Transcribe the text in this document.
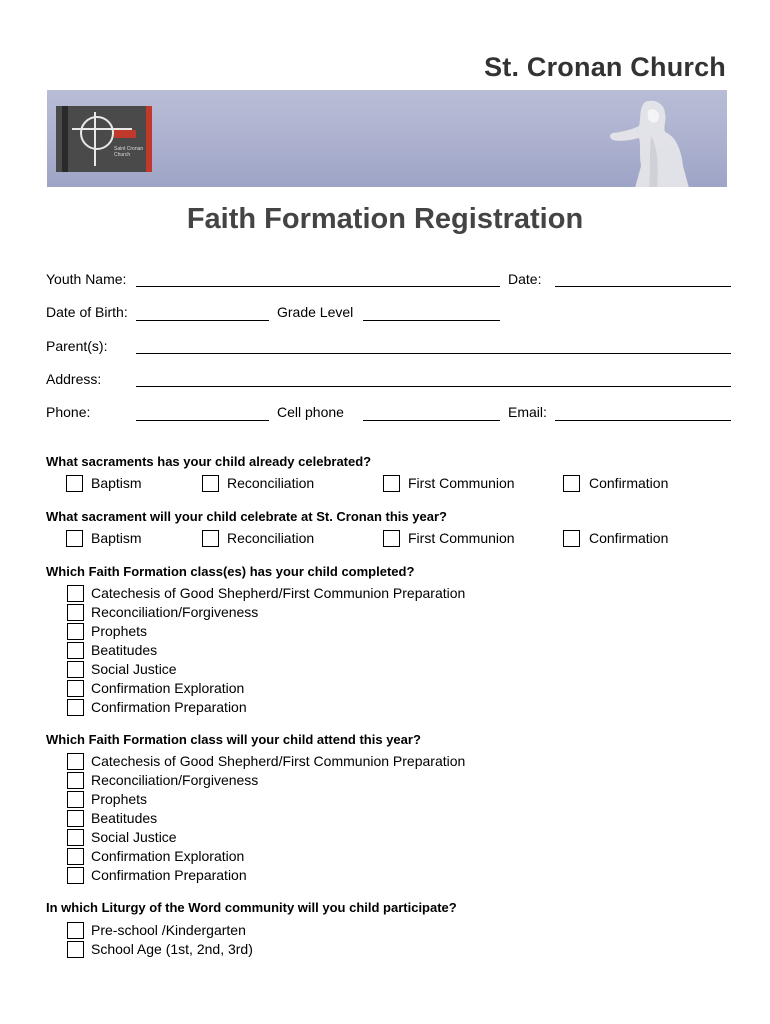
St. Cronan Church
Saint Cronan Church
Faith Formation Registration
Youth Name:	Date:
Date of Birth:	Grade Level
Parent(s):
Address:
Phone:	Cell phone	Email:
What sacraments has your child already celebrated?
Baptism	Reconciliation	First Communion	Confirmation
What sacrament will your child celebrate at St. Cronan this year?
Baptism	Reconciliation	First Communion	Confirmation
Which Faith Formation class(es) has your child completed?
Catechesis of Good Shepherd/First Communion Preparation
Reconciliation/Forgiveness
Prophets
Beatitudes
Social Justice
Confirmation Exploration
Confirmation Preparation
Which Faith Formation class will your child attend this year?
Catechesis of Good Shepherd/First Communion Preparation
Reconciliation/Forgiveness
Prophets
Beatitudes
Social Justice
Confirmation Exploration
Confirmation Preparation
In which Liturgy of the Word community will you child participate?
Pre-school /Kindergarten
School Age (1st, 2nd, 3rd)
